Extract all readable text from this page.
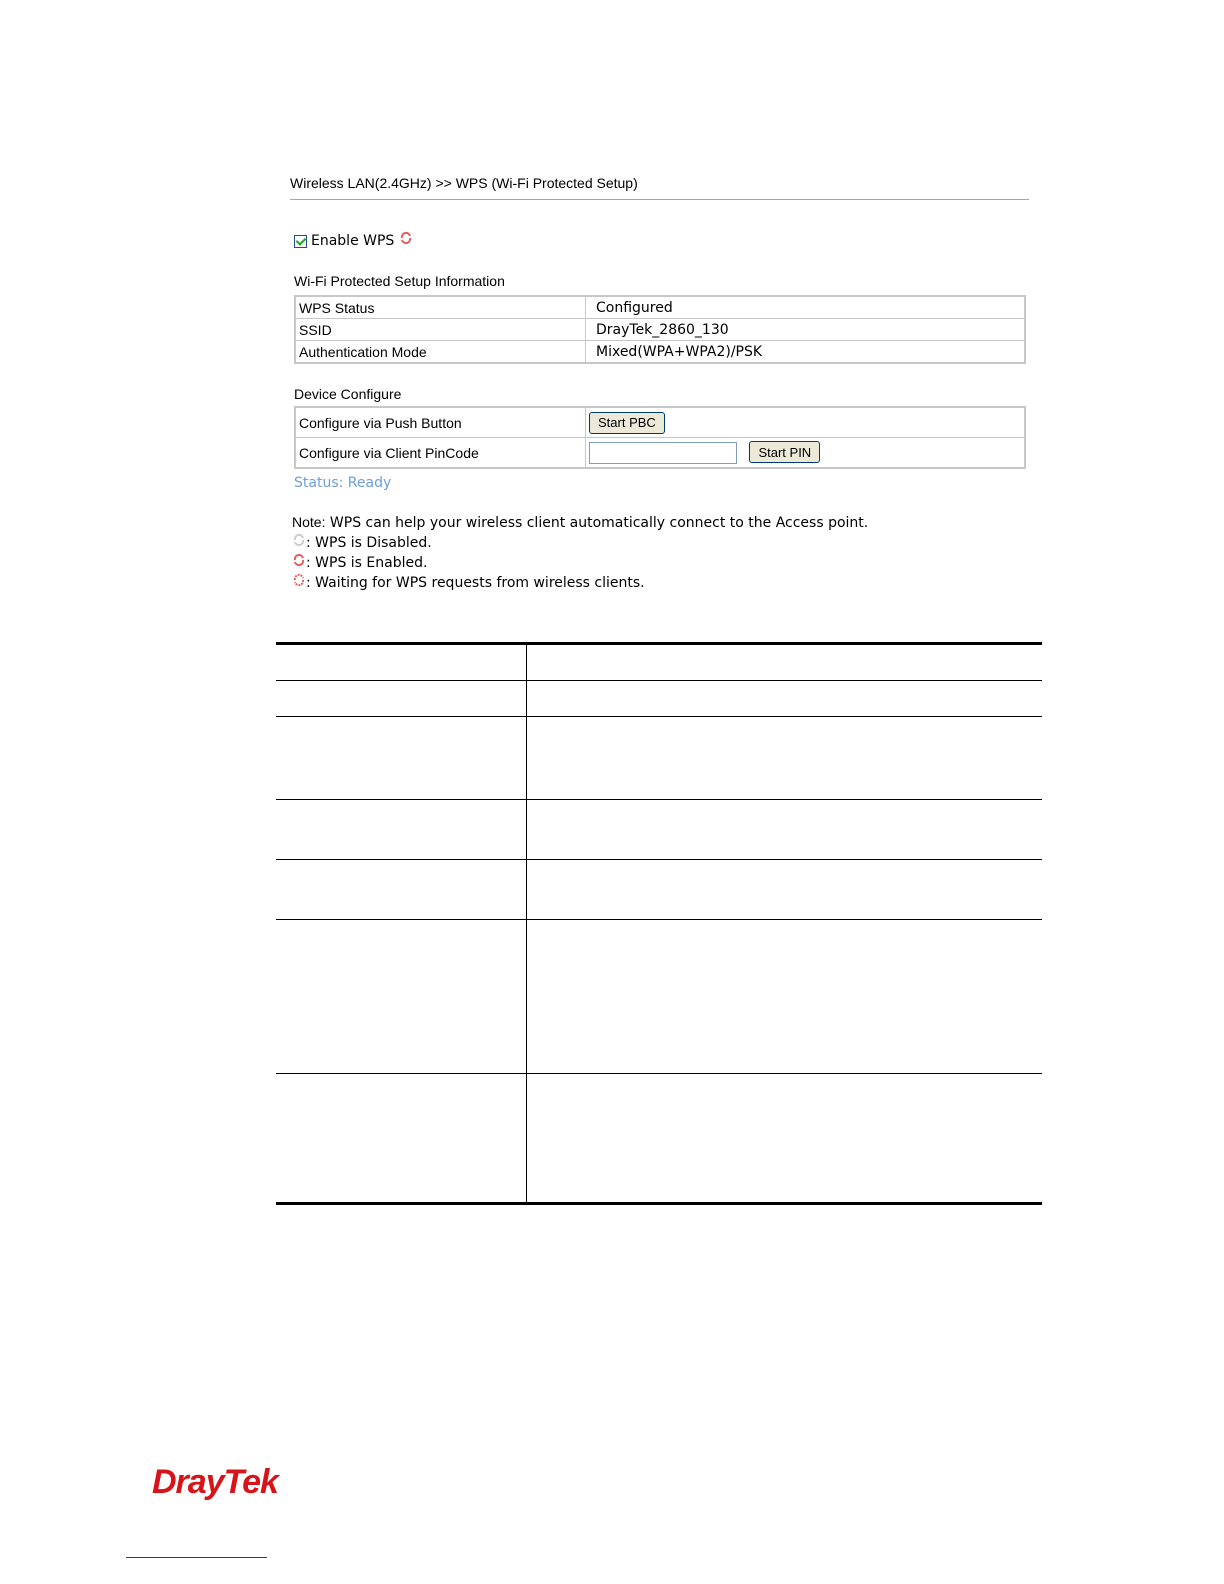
Wireless LAN(2.4GHz) >> WPS (Wi-Fi Protected Setup)
Enable WPS
Wi-Fi Protected Setup Information
WPS Status	Configured
SSID	DrayTek_2860_130
Authentication Mode	Mixed(WPA+WPA2)/PSK
Device Configure
Configure via Push Button	Start PBC
Configure via Client PinCode	Start PIN
Status: Ready
Note: WPS can help your wireless client automatically connect to the Access point.
: WPS is Disabled.
: WPS is Enabled.
: Waiting for WPS requests from wireless clients.

DrayTek
